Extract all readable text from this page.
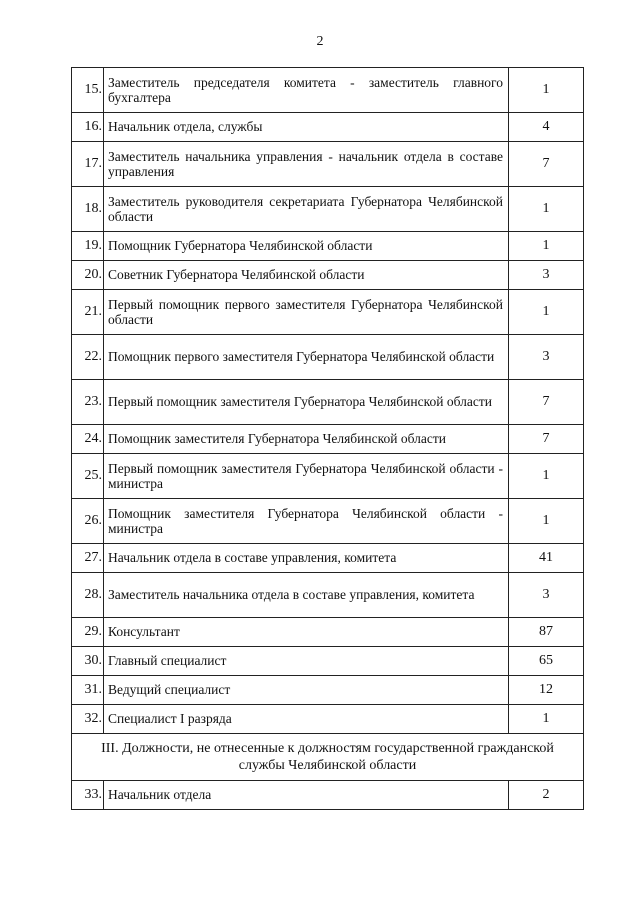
2
15.	Заместитель председателя комитета - заместитель главного бухгалтера	1
16.	Начальник отдела, службы	4
17.	Заместитель начальника управления - начальник отдела в составе управления	7
18.	Заместитель руководителя секретариата Губернатора Челябинской области	1
19.	Помощник Губернатора Челябинской области	1
20.	Советник Губернатора Челябинской области	3
21.	Первый помощник первого заместителя Губернатора Челябинской области	1
22.	Помощник первого заместителя Губернатора Челябинской области	3
23.	Первый помощник заместителя Губернатора Челябинской области	7
24.	Помощник заместителя Губернатора Челябинской области	7
25.	Первый помощник заместителя Губернатора Челябинской области - министра	1
26.	Помощник заместителя Губернатора Челябинской области - министра	1
27.	Начальник отдела в составе управления, комитета	41
28.	Заместитель начальника отдела в составе управления, комитета	3
29.	Консультант	87
30.	Главный специалист	65
31.	Ведущий специалист	12
32.	Специалист I разряда	1
III. Должности, не отнесенные к должностям государственной гражданской службы Челябинской области		
33.	Начальник отдела	2
